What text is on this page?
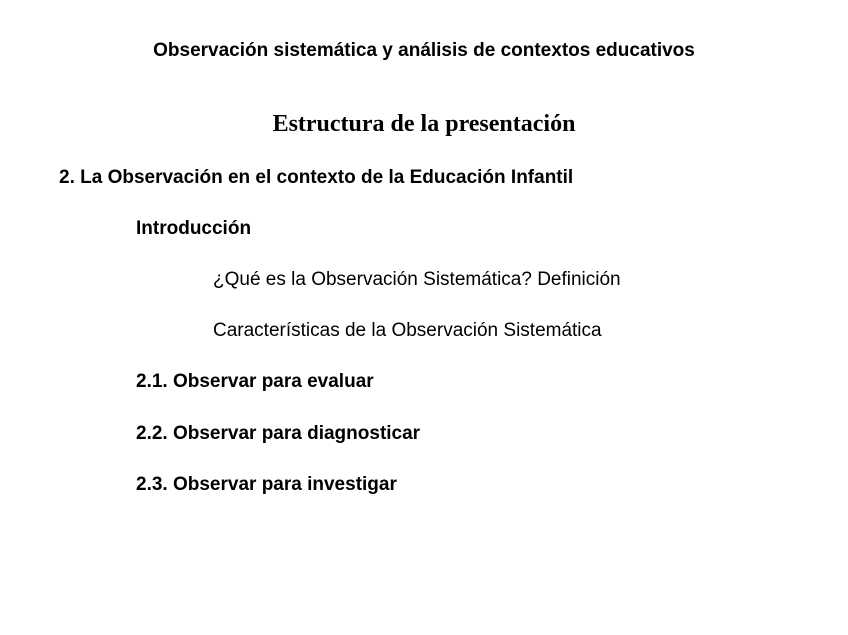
Observación sistemática y análisis de contextos educativos
Estructura de la presentación
2. La Observación en el contexto de la Educación Infantil
Introducción
¿Qué es la Observación Sistemática? Definición
Características de la Observación Sistemática
2.1. Observar para evaluar
2.2. Observar para diagnosticar
2.3. Observar para investigar
